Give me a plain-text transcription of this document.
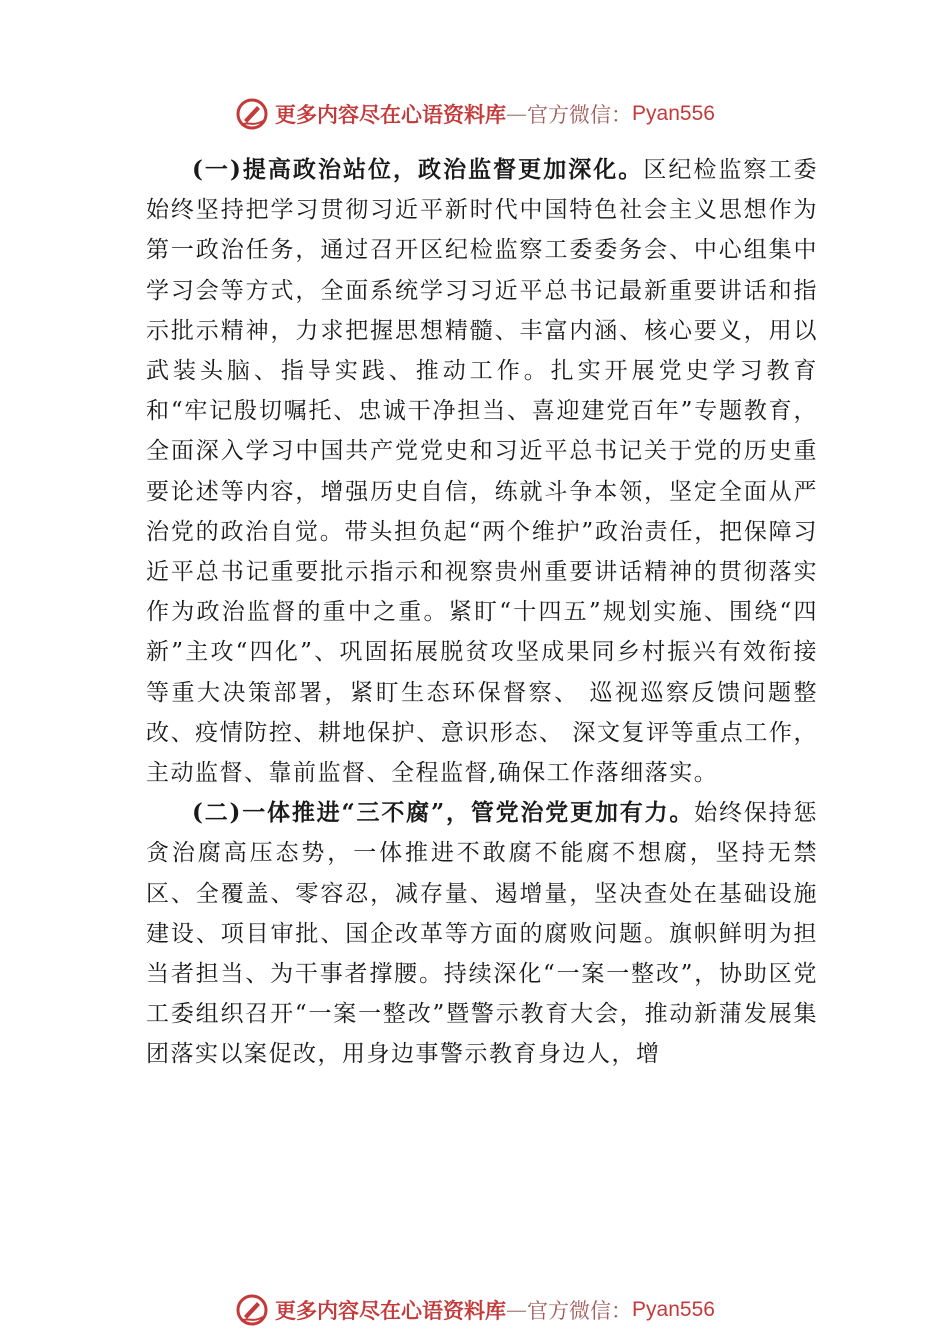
更多内容尽在心语资料库 — 官方微信： Pyan556

(一)提高政治站位，政治监督更加深化。区纪检监察工委始终坚持把学习贯彻习近平新时代中国特色社会主义思想作为第一政治任务，通过召开区纪检监察工委委务会、中心组集中学习会等方式，全面系统学习习近平总书记最新重要讲话和指示批示精神，力求把握思想精髓、丰富内涵、核心要义，用以武装头脑、指导实践、推动工作。扎实开展党史学习教育和“牢记殷切嘱托、忠诚干净担当、喜迎建党百年”专题教育，全面深入学习中国共产党党史和习近平总书记关于党的历史重要论述等内容，增强历史自信，练就斗争本领，坚定全面从严治党的政治自觉。带头担负起“两个维护”政治责任，把保障习近平总书记重要批示指示和视察贵州重要讲话精神的贯彻落实作为政治监督的重中之重。紧盯“十四五”规划实施、围绕“四新”主攻“四化”、巩固拓展脱贫攻坚成果同乡村振兴有效衔接等重大决策部署，紧盯生态环保督察、 巡视巡察反馈问题整改、疫情防控、耕地保护、意识形态、 深文复评等重点工作，主动监督、靠前监督、全程监督,确保工作落细落实。

(二)一体推进“三不腐”，管党治党更加有力。始终保持惩贪治腐高压态势，一体推进不敢腐不能腐不想腐，坚持无禁区、全覆盖、零容忍，减存量、遏增量，坚决查处在基础设施建设、项目审批、国企改革等方面的腐败问题。旗帜鲜明为担当者担当、为干事者撑腰。持续深化“一案一整改”，协助区党工委组织召开“一案一整改”暨警示教育大会，推动新蒲发展集团落实以案促改，用身边事警示教育身边人，增

更多内容尽在心语资料库 — 官方微信： Pyan556
